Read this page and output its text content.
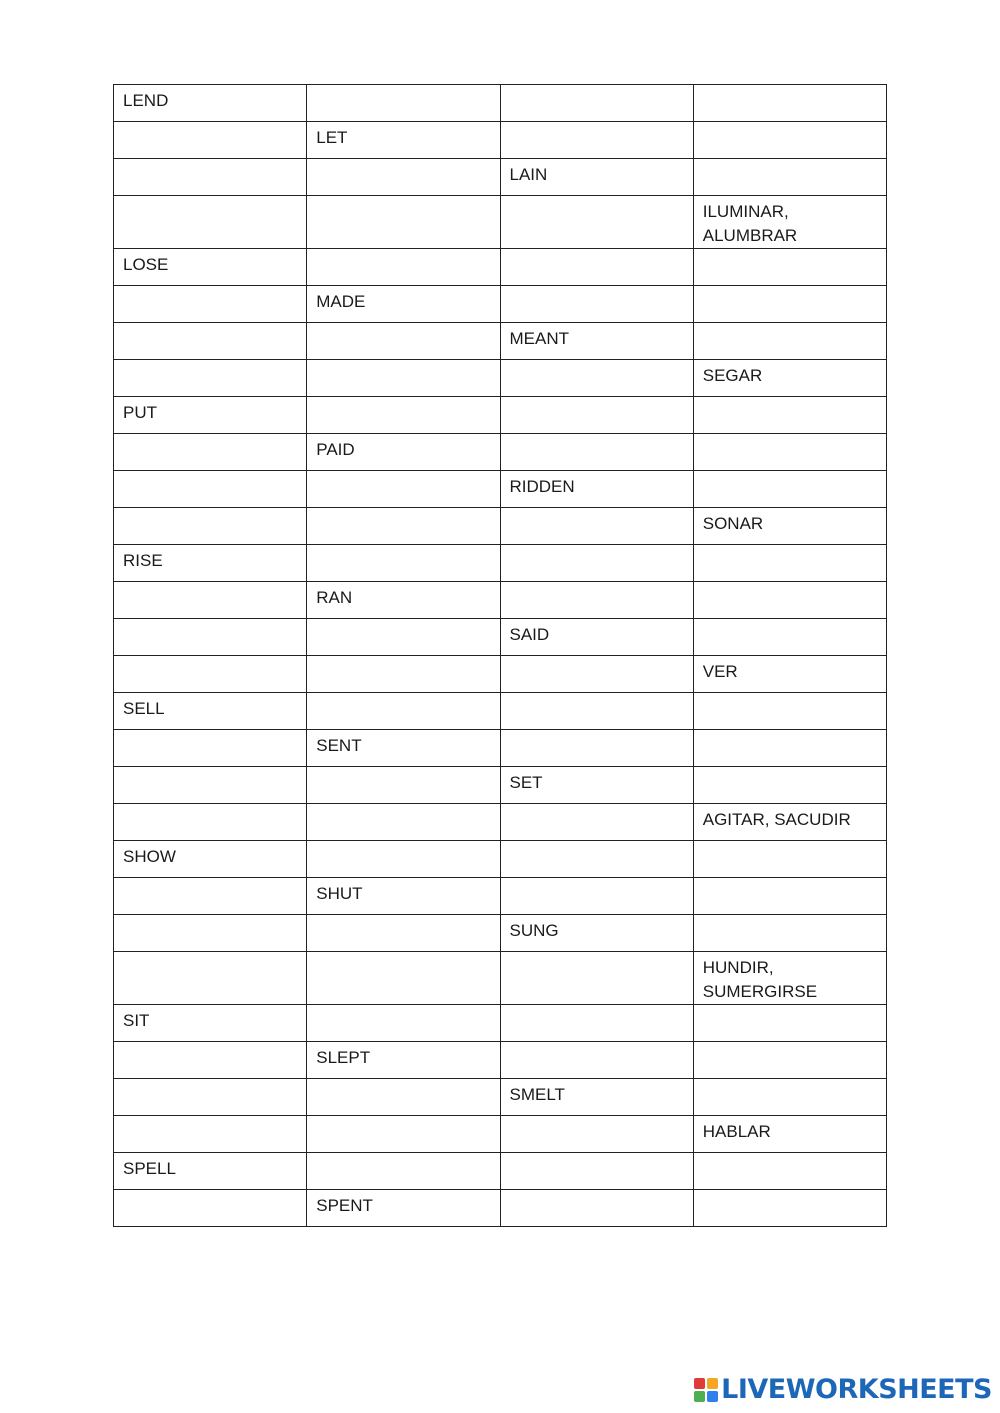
LEND			
	LET		
		LAIN	
			ILUMINAR, ALUMBRAR
LOSE			
	MADE		
		MEANT	
			SEGAR
PUT			
	PAID		
		RIDDEN	
			SONAR
RISE			
	RAN		
		SAID	
			VER
SELL			
	SENT		
		SET	
			AGITAR, SACUDIR
SHOW			
	SHUT		
		SUNG	
			HUNDIR, SUMERGIRSE
SIT			
	SLEPT		
		SMELT	
			HABLAR
SPELL			
	SPENT		
LIVEWORKSHEETS
